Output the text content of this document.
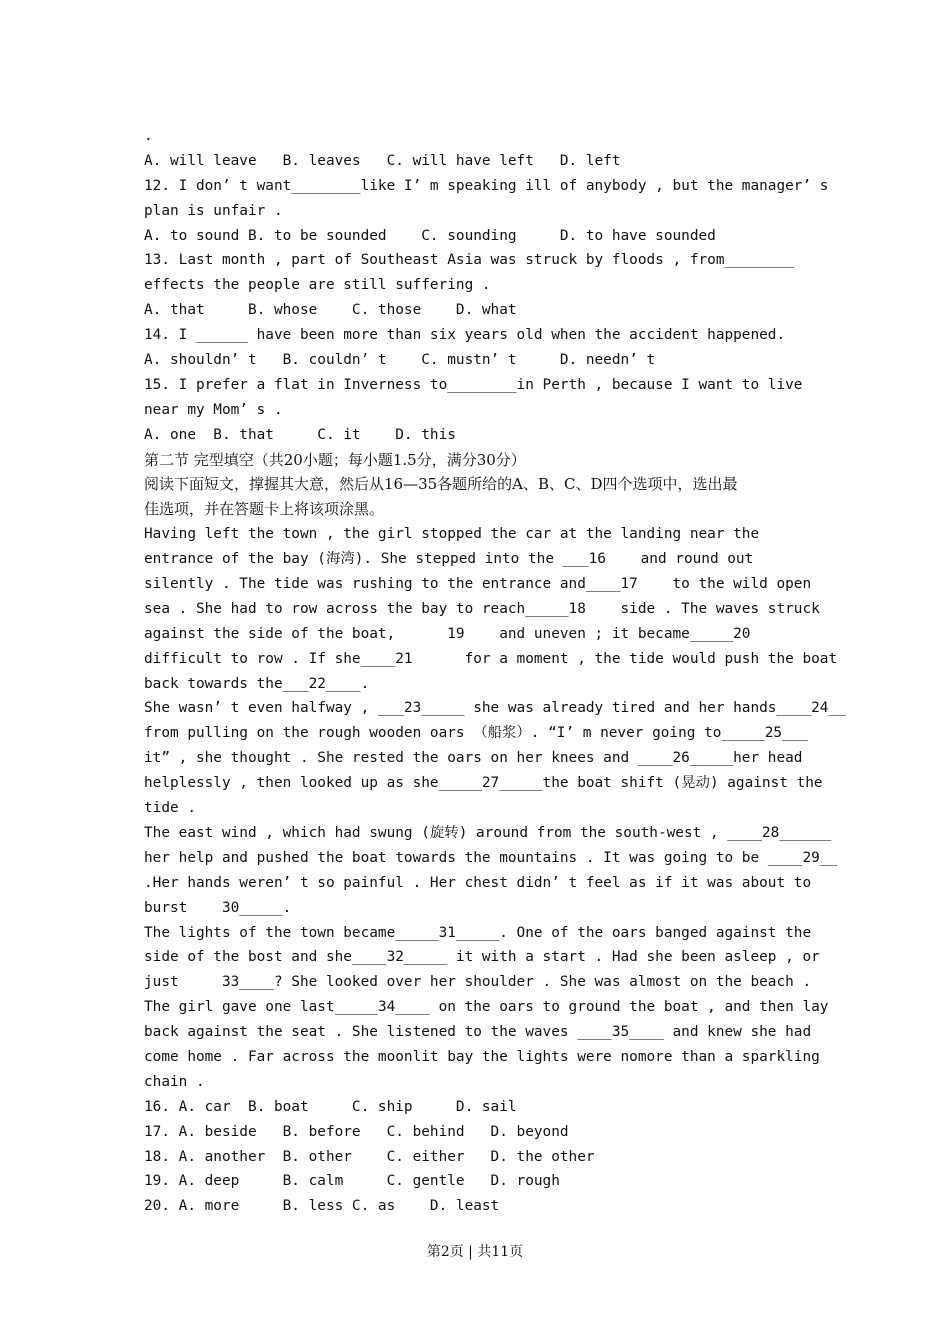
.
A. will leave   B. leaves   C. will have left   D. left
12. I don’ t want________like I’ m speaking ill of anybody , but the manager’ s
plan is unfair .
A. to sound B. to be sounded    C. sounding     D. to have sounded
13. Last month , part of Southeast Asia was struck by floods , from________
effects the people are still suffering .
A. that     B. whose    C. those    D. what
14. I ______ have been more than six years old when the accident happened.
A. shouldn’ t   B. couldn’ t    C. mustn’ t     D. needn’ t
15. I prefer a flat in Inverness to________in Perth , because I want to live
near my Mom’ s .
A. one  B. that     C. it    D. this
第二节 完型填空（共20小题；每小题1.5分，满分30分）
阅读下面短文，撑握其大意，然后从16—35各题所给的A、B、C、D四个选项中，选出最
佳选项，并在答题卡上将该项涂黑。
Having left the town , the girl stopped the car at the landing near the
entrance of the bay (海湾). She stepped into the ___16    and round out
silently . The tide was rushing to the entrance and____17    to the wild open
sea . She had to row across the bay to reach_____18    side . The waves struck
against the side of the boat,      19    and uneven ; it became_____20
difficult to row . If she____21      for a moment , the tide would push the boat
back towards the___22____.
She wasn’ t even halfway , ___23_____ she was already tired and her hands____24__
from pulling on the rough wooden oars （船浆）. “I’ m never going to_____25___
it” , she thought . She rested the oars on her knees and ____26_____her head
helplessly , then looked up as she_____27_____the boat shift (晃动) against the
tide .
The east wind , which had swung (旋转) around from the south-west , ____28______
her help and pushed the boat towards the mountains . It was going to be ____29__
.Her hands weren’ t so painful . Her chest didn’ t feel as if it was about to
burst    30_____.
The lights of the town became_____31_____. One of the oars banged against the
side of the bost and she____32_____ it with a start . Had she been asleep , or
just     33____? She looked over her shoulder . She was almost on the beach .
The girl gave one last_____34____ on the oars to ground the boat , and then lay
back against the seat . She listened to the waves ____35____ and knew she had
come home . Far across the moonlit bay the lights were nomore than a sparkling
chain .
16. A. car  B. boat     C. ship     D. sail
17. A. beside   B. before   C. behind   D. beyond
18. A. another  B. other    C. either   D. the other
19. A. deep     B. calm     C. gentle   D. rough
20. A. more     B. less C. as    D. least
第2页 | 共11页
